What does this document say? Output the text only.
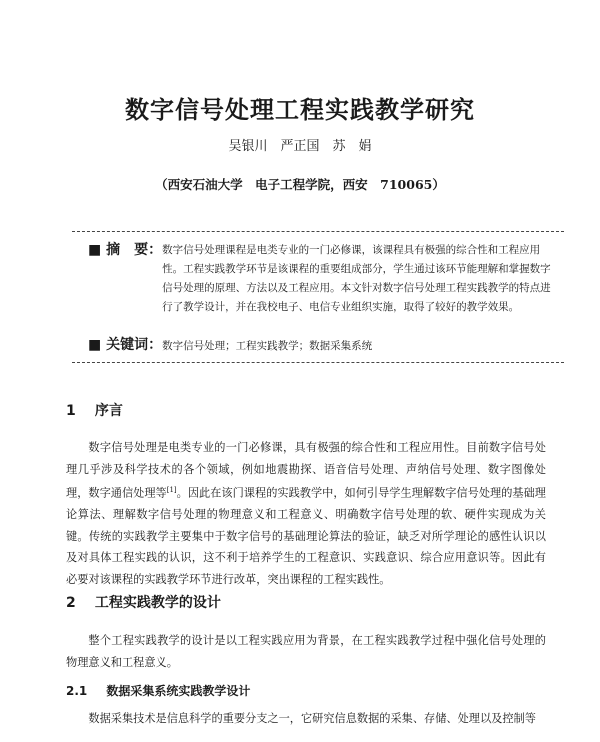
数字信号处理工程实践教学研究
吴银川　严正国　苏　娟
（西安石油大学　电子工程学院，西安　710065）
■ 摘　要： 数字信号处理课程是电类专业的一门必修课，该课程具有极强的综合性和工程应用性。工程实践教学环节是该课程的重要组成部分，学生通过该环节能理解和掌握数字信号处理的原理、方法以及工程应用。本文针对数字信号处理工程实践教学的特点进行了教学设计，并在我校电子、电信专业组织实施，取得了较好的教学效果。
■ 关键词： 数字信号处理；工程实践教学；数据采集系统
1 序言

数字信号处理是电类专业的一门必修课，具有极强的综合性和工程应用性。目前数字信号处理几乎涉及科学技术的各个领域，例如地震勘探、语音信号处理、声纳信号处理、数字图像处理，数字通信处理等[1]。因此在该门课程的实践教学中，如何引导学生理解数字信号处理的基础理论算法、理解数字信号处理的物理意义和工程意义、明确数字信号处理的软、硬件实现成为关键。传统的实践教学主要集中于数字信号的基础理论算法的验证，缺乏对所学理论的感性认识以及对具体工程实践的认识，这不利于培养学生的工程意识、实践意识、综合应用意识等。因此有必要对该课程的实践教学环节进行改革，突出课程的工程实践性。

2 工程实践教学的设计

整个工程实践教学的设计是以工程实践应用为背景，在工程实践教学过程中强化信号处理的物理意义和工程意义。

2.1 数据采集系统实践教学设计

数据采集技术是信息科学的重要分支之一，它研究信息数据的采集、存储、处理以及控制等
